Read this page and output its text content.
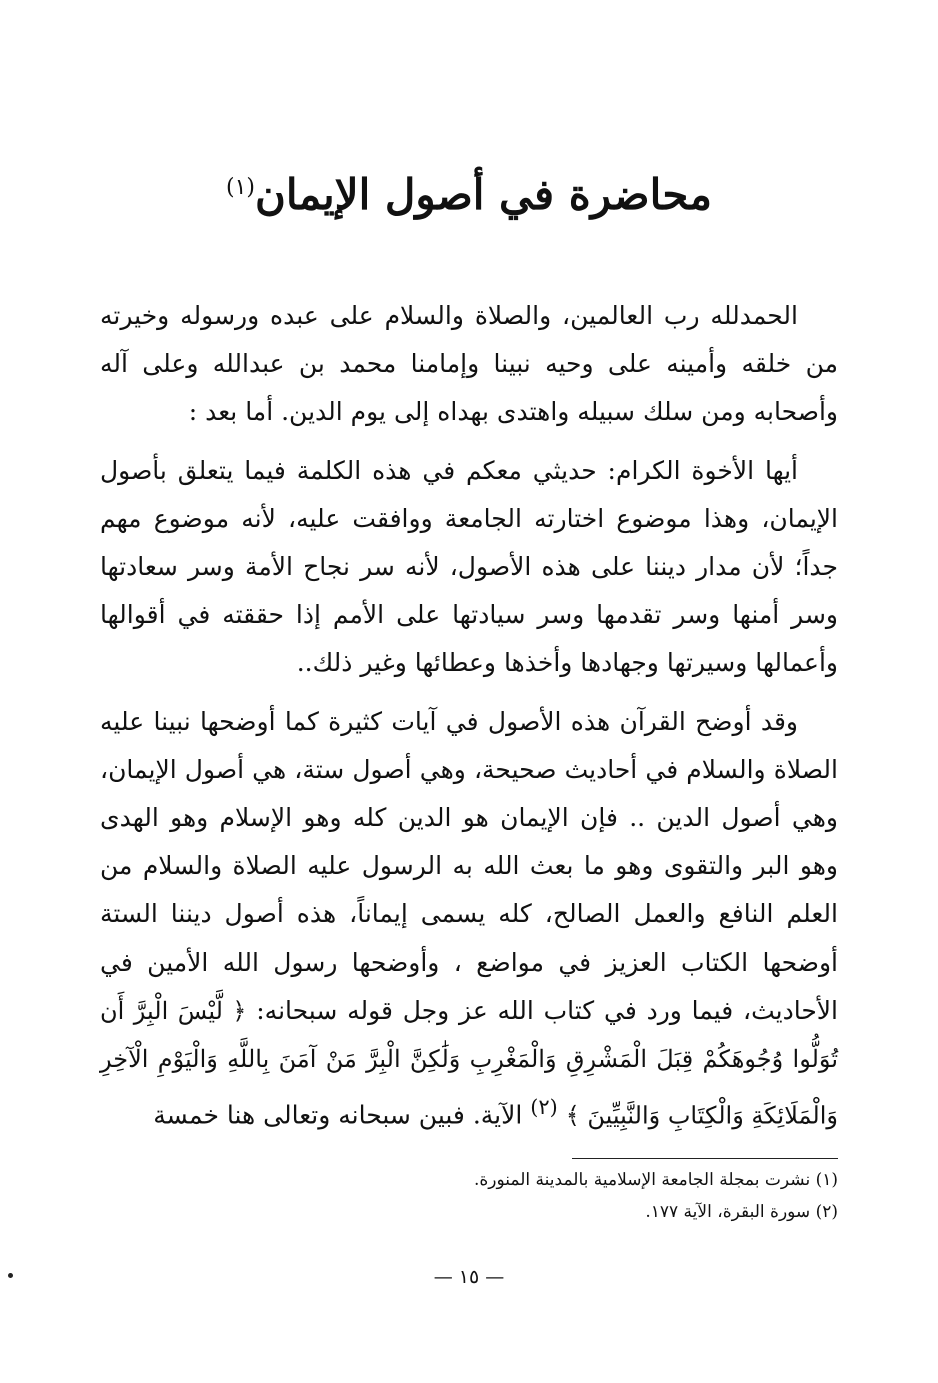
محاضرة في أصول الإيمان$^{(١)}$

الحمدلله رب العالمين، والصلاة والسلام على عبده ورسوله وخيرته من خلقه وأمينه على وحيه نبينا وإمامنا محمد بن عبدالله وعلى آله وأصحابه ومن سلك سبيله واهتدى بهداه إلى يوم الدين. أما بعد :

أيها الأخوة الكرام: حديثي معكم في هذه الكلمة فيما يتعلق بأصول الإيمان، وهذا موضوع اختارته الجامعة ووافقت عليه، لأنه موضوع مهم جداً؛ لأن مدار ديننا على هذه الأصول، لأنه سر نجاح الأمة وسر سعادتها وسر أمنها وسر تقدمها وسر سيادتها على الأمم إذا حققته في أقوالها وأعمالها وسيرتها وجهادها وأخذها وعطائها وغير ذلك..

وقد أوضح القرآن هذه الأصول في آيات كثيرة كما أوضحها نبينا عليه الصلاة والسلام في أحاديث صحيحة، وهي أصول ستة، هي أصول الإيمان، وهي أصول الدين .. فإن الإيمان هو الدين كله وهو الإسلام وهو الهدى وهو البر والتقوى وهو ما بعث الله به الرسول عليه الصلاة والسلام من العلم النافع والعمل الصالح، كله يسمى إيماناً، هذه أصول ديننا الستة أوضحها الكتاب العزيز في مواضع ، وأوضحها رسول الله الأمين في الأحاديث، فيما ورد في كتاب الله عز وجل قوله سبحانه: ﴿ لَّيْسَ الْبِرَّ أَن تُوَلُّوا وُجُوهَكُمْ قِبَلَ الْمَشْرِقِ وَالْمَغْرِبِ وَلَٰكِنَّ الْبِرَّ مَنْ آمَنَ بِاللَّهِ وَالْيَوْمِ الْآخِرِ وَالْمَلَائِكَةِ وَالْكِتَابِ وَالنَّبِيِّينَ ﴾ $^{(٢)}$ الآية. فبين سبحانه وتعالى هنا خمسة

(١) نشرت بمجلة الجامعة الإسلامية بالمدينة المنورة.
(٢) سورة البقرة، الآية ١٧٧.
— ١٥ —
